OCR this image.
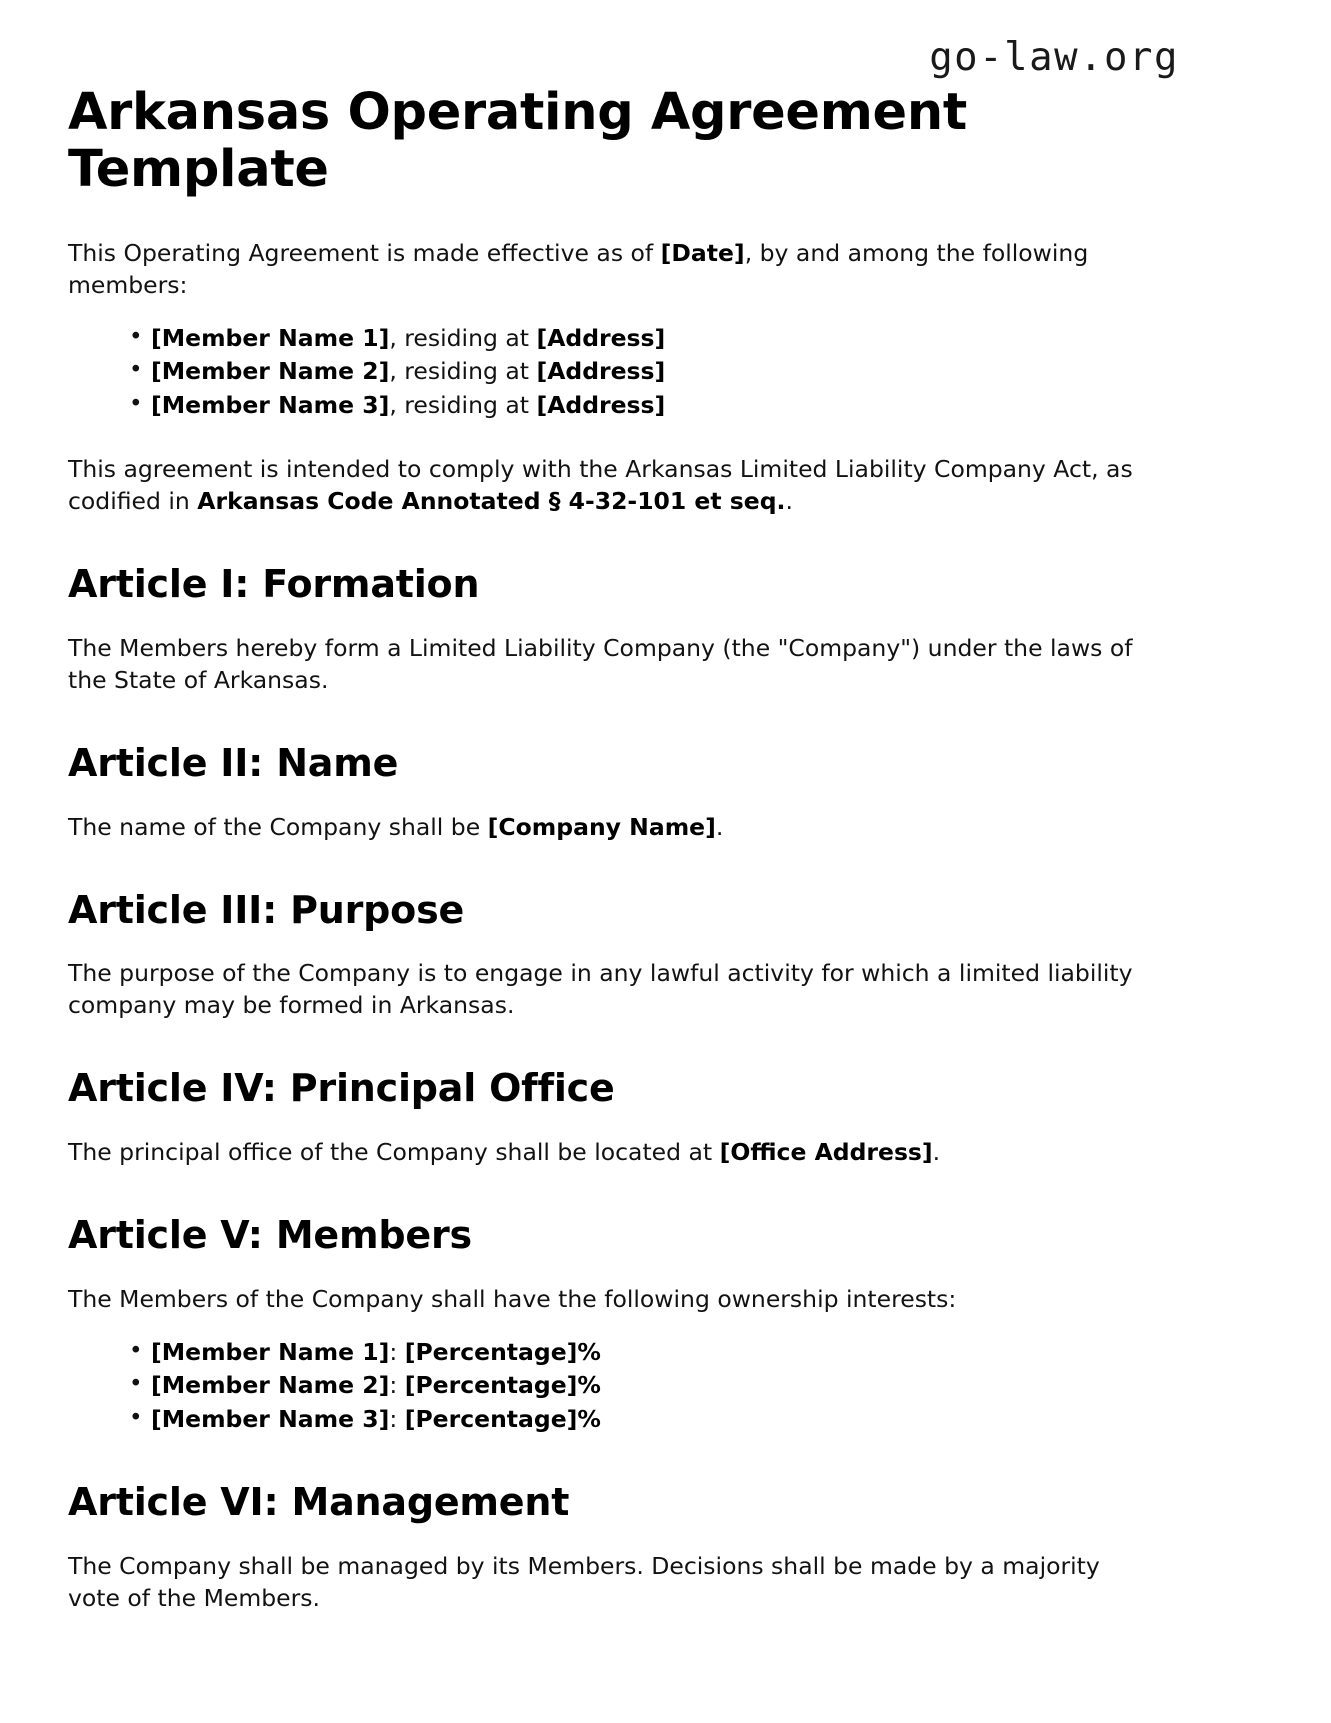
go-law.org
Arkansas Operating Agreement Template

This Operating Agreement is made effective as of [Date], by and among the following members:

• [Member Name 1], residing at [Address]
• [Member Name 2], residing at [Address]
• [Member Name 3], residing at [Address]

This agreement is intended to comply with the Arkansas Limited Liability Company Act, as codified in Arkansas Code Annotated § 4-32-101 et seq..

Article I: Formation

The Members hereby form a Limited Liability Company (the "Company") under the laws of the State of Arkansas.

Article II: Name

The name of the Company shall be [Company Name].

Article III: Purpose

The purpose of the Company is to engage in any lawful activity for which a limited liability company may be formed in Arkansas.

Article IV: Principal Office

The principal office of the Company shall be located at [Office Address].

Article V: Members

The Members of the Company shall have the following ownership interests:

• [Member Name 1]: [Percentage]%
• [Member Name 2]: [Percentage]%
• [Member Name 3]: [Percentage]%
Article VI: Management

The Company shall be managed by its Members. Decisions shall be made by a majority vote of the Members.
